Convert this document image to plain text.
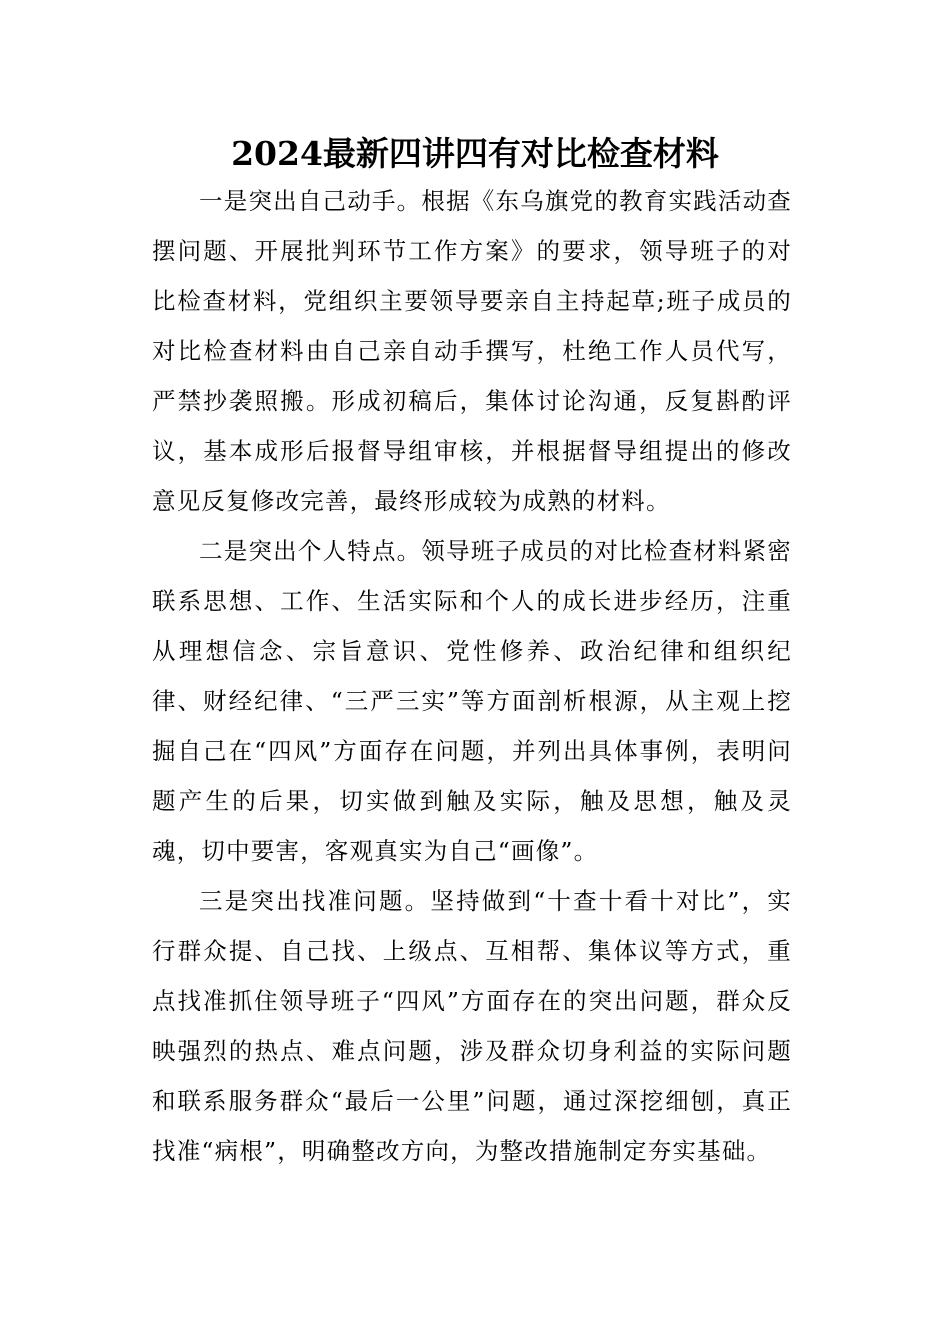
2024最新四讲四有对比检查材料

一是突出自己动手。根据《东乌旗党的教育实践活动查摆问题、开展批判环节工作方案》的要求，领导班子的对比检查材料，党组织主要领导要亲自主持起草;班子成员的对比检查材料由自己亲自动手撰写，杜绝工作人员代写，严禁抄袭照搬。形成初稿后，集体讨论沟通，反复斟酌评议，基本成形后报督导组审核，并根据督导组提出的修改意见反复修改完善，最终形成较为成熟的材料。

二是突出个人特点。领导班子成员的对比检查材料紧密联系思想、工作、生活实际和个人的成长进步经历，注重从理想信念、宗旨意识、党性修养、政治纪律和组织纪律、财经纪律、“三严三实”等方面剖析根源，从主观上挖掘自己在“四风”方面存在问题，并列出具体事例，表明问题产生的后果，切实做到触及实际，触及思想，触及灵魂，切中要害，客观真实为自己“画像”。

三是突出找准问题。坚持做到“十查十看十对比”，实行群众提、自己找、上级点、互相帮、集体议等方式，重点找准抓住领导班子“四风”方面存在的突出问题，群众反映强烈的热点、难点问题，涉及群众切身利益的实际问题和联系服务群众“最后一公里”问题，通过深挖细刨，真正找准“病根”，明确整改方向，为整改措施制定夯实基础。
